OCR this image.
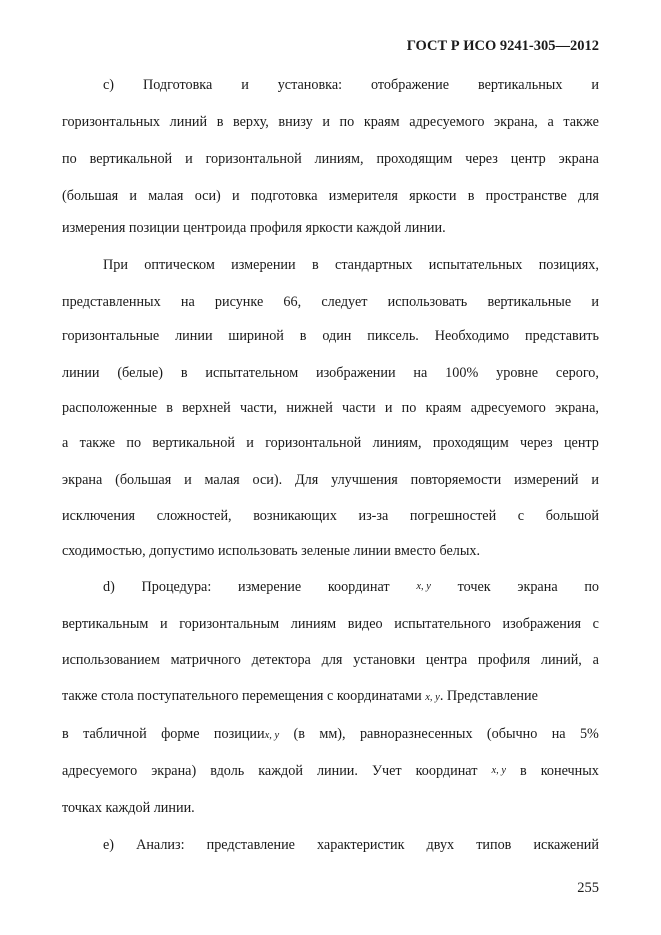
ГОСТ Р ИСО 9241-305—2012
с) Подготовка и установка: отображение вертикальных и
горизонтальных линий в верху, внизу и по краям адресуемого экрана, а также
по вертикальной и горизонтальной линиям, проходящим через центр экрана
(большая и малая оси) и подготовка измерителя яркости в пространстве для
измерения позиции центроида профиля яркости каждой линии.
При оптическом измерении в стандартных испытательных позициях,
представленных на рисунке 66, следует использовать вертикальные и
горизонтальные линии шириной в один пиксель. Необходимо представить
линии (белые) в испытательном изображении на 100% уровне серого,
расположенные в верхней части, нижней части и по краям адресуемого экрана,
а также по вертикальной и горизонтальной линиям, проходящим через центр
экрана (большая и малая оси). Для улучшения повторяемости измерений и
исключения сложностей, возникающих из-за погрешностей с большой
сходимостью, допустимо использовать зеленые линии вместо белых.
d) Процедура: измерение координат	x, y точек экрана по
вертикальным и горизонтальным линиям видео испытательного изображения с
использованием матричного детектора для установки центра профиля линий, а
также стола поступательного перемещения с координатами x, y. Представление
в табличной форме позицииx, y (в мм), равноразнесенных (обычно на 5%
адресуемого экрана) вдоль каждой линии. Учет координат x, y в конечных
точках каждой линии.
е) Анализ: представление характеристик двух типов искажений
255
